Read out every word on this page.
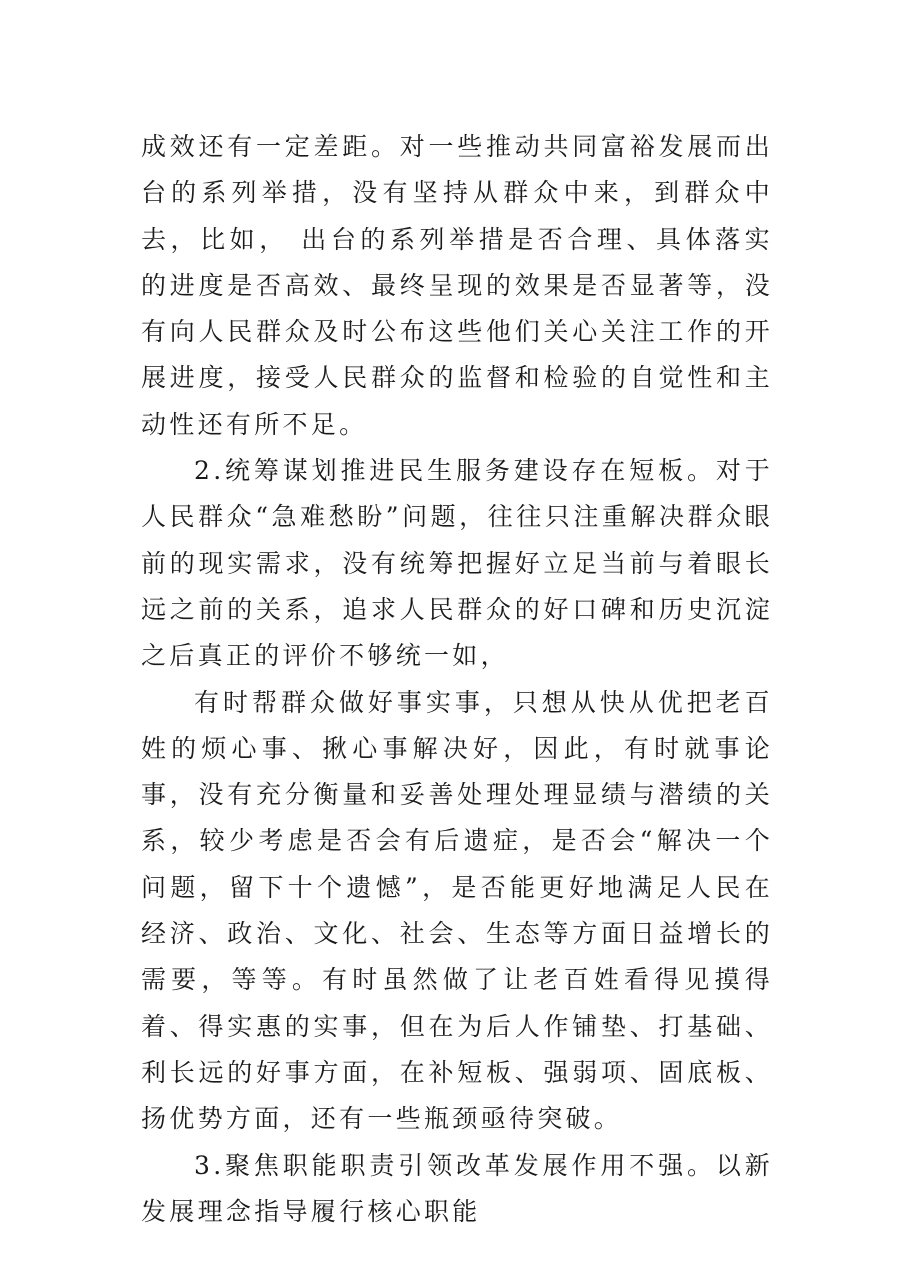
成效还有一定差距。对一些推动共同富裕发展而出台的系列举措，没有坚持从群众中来，到群众中去，比如， 出台的系列举措是否合理、具体落实的进度是否高效、最终呈现的效果是否显著等，没有向人民群众及时公布这些他们关心关注工作的开展进度，接受人民群众的监督和检验的自觉性和主动性还有所不足。

2.统筹谋划推进民生服务建设存在短板。对于人民群众“急难愁盼”问题，往往只注重解决群众眼前的现实需求，没有统筹把握好立足当前与着眼长远之前的关系，追求人民群众的好口碑和历史沉淀之后真正的评价不够统一如，

有时帮群众做好事实事，只想从快从优把老百姓的烦心事、揪心事解决好，因此，有时就事论事，没有充分衡量和妥善处理处理显绩与潜绩的关系，较少考虑是否会有后遗症，是否会“解决一个问题，留下十个遗憾”，是否能更好地满足人民在经济、政治、文化、社会、生态等方面日益增长的需要，等等。有时虽然做了让老百姓看得见摸得着、得实惠的实事，但在为后人作铺垫、打基础、利长远的好事方面，在补短板、强弱项、固底板、扬优势方面，还有一些瓶颈亟待突破。

3.聚焦职能职责引领改革发展作用不强。以新发展理念指导履行核心职能
